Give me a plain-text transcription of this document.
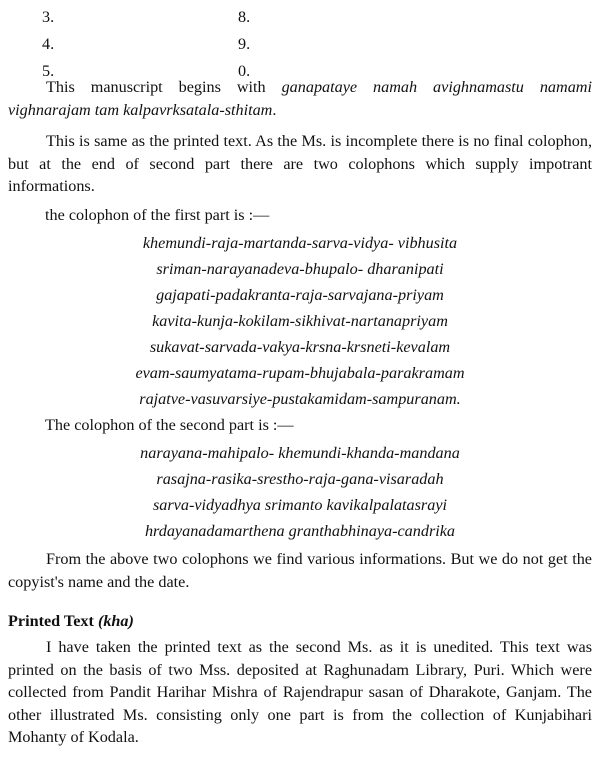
3.	8.
4.	9.
5.	0.

This manuscript begins with ganapataye namah avighnamastu namami vighnarajam tam kalpavrksatala-sthitam.

This is same as the printed text. As the Ms. is incomplete there is no final colophon, but at the end of second part there are two colophons which supply impotrant informations.

the colophon of the first part is :—

khemundi-raja-martanda-sarva-vidya- vibhusita
sriman-narayanadeva-bhupalo- dharanipati
gajapati-padakranta-raja-sarvajana-priyam
kavita-kunja-kokilam-sikhivat-nartanapriyam
sukavat-sarvada-vakya-krsna-krsneti-kevalam
evam-saumyatama-rupam-bhujabala-parakramam
rajatve-vasuvarsiye-pustakamidam-sampuranam.

The colophon of the second part is :—

narayana-mahipalo- khemundi-khanda-mandana
rasajna-rasika-srestho-raja-gana-visaradah
sarva-vidyadhya srimanto kavikalpalatasrayi
hrdayanadamarthena granthabhinaya-candrika

From the above two colophons we find various informations. But we do not get the copyist's name and the date.

Printed Text (kha)

I have taken the printed text as the second Ms. as it is unedited. This text was printed on the basis of two Mss. deposited at Raghunadam Library, Puri. Which were collected from Pandit Harihar Mishra of Rajendrapur sasan of Dharakote, Ganjam. The other illustrated Ms. consisting only one part is from the collection of Kunjabihari Mohanty of Kodala.
